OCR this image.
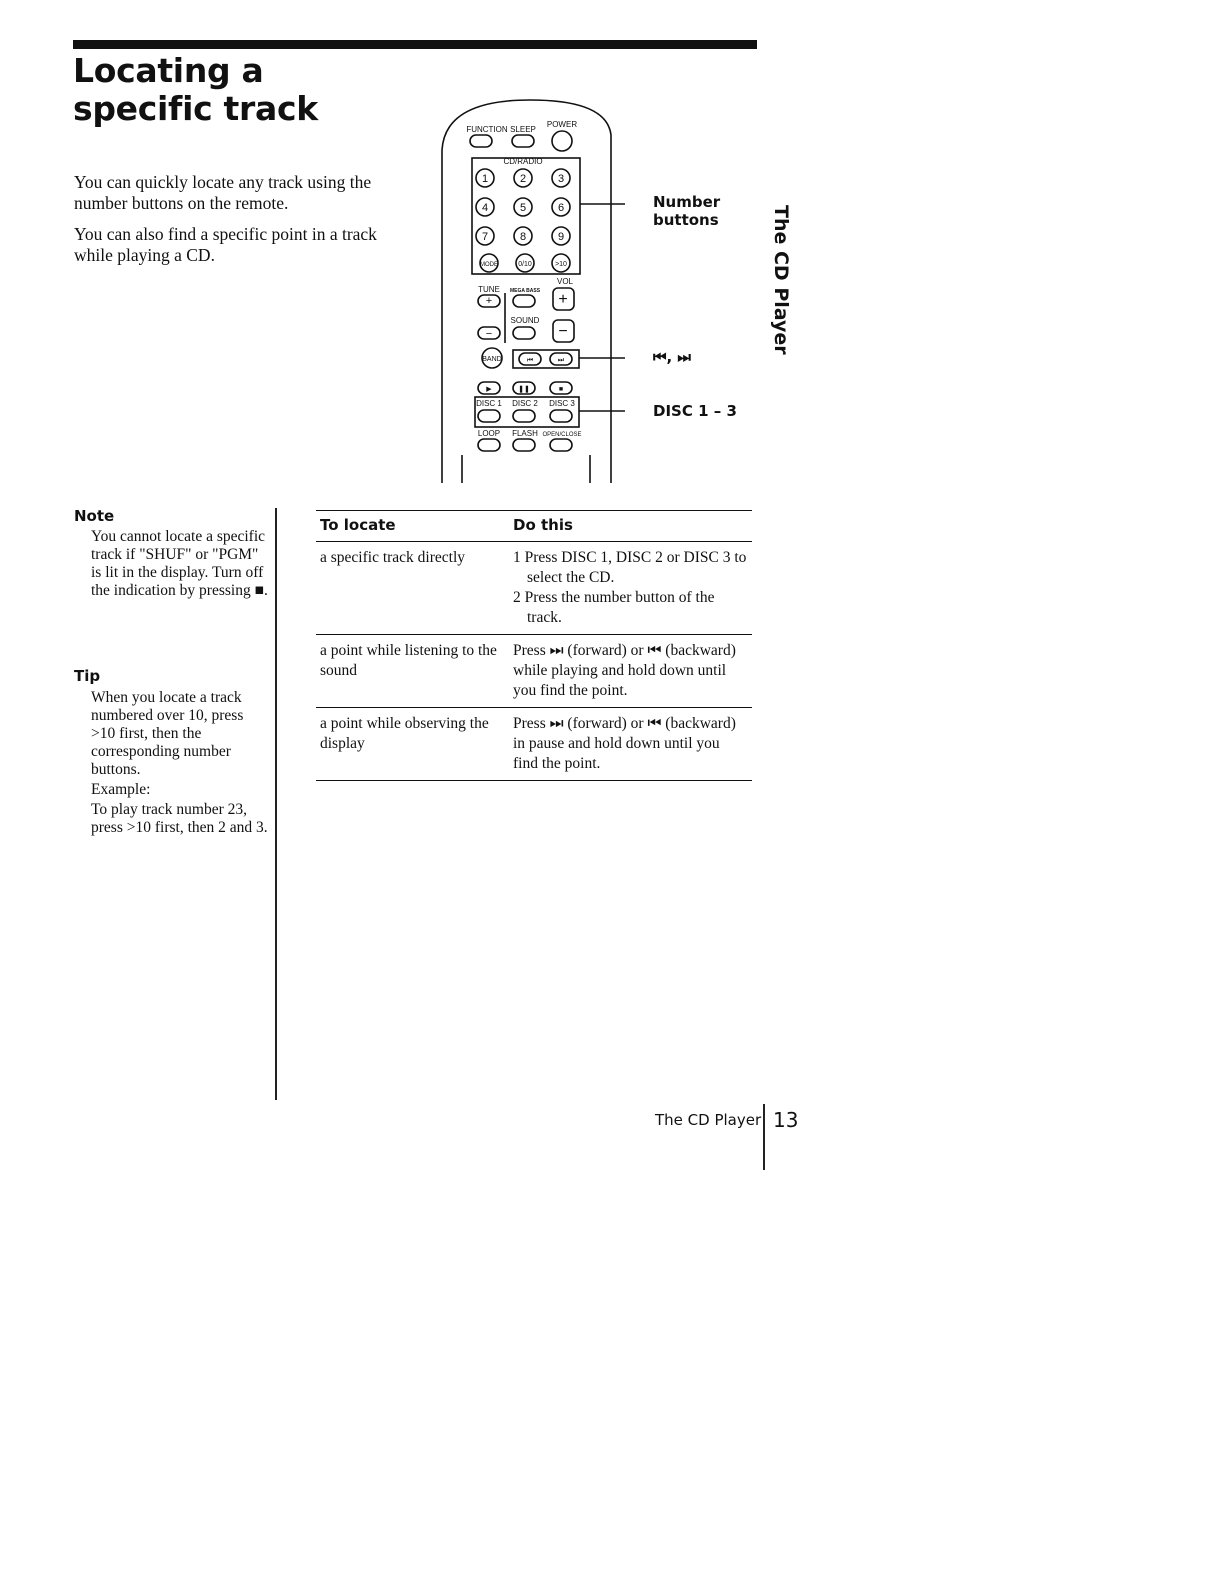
Locating a specific track

You can quickly locate any track using the number buttons on the remote.

You can also find a specific point in a track while playing a CD.

FUNCTION SLEEP
POWER
CD/RADIO
1	2	3
4	5	6
7	8	9
MODE	0/10	>10
TUNE MEGA BASS
VOL
SOUND
BAND
DISC 1 DISC 2 DISC 3
LOOP FLASH OPEN/CLOSE
+	+
−	−
⏮	⏭
▶	❚❚	■
Number buttons
⏮, ⏭
DISC 1 – 3
The CD Player
Note

You cannot locate a specific track if "SHUF" or "PGM" is lit in the display. Turn off the indication by pressing ■.

Tip

When you locate a track numbered over 10, press >10 first, then the corresponding number buttons.

Example:

To play track number 23, press >10 first, then 2 and 3.

To locate	Do this
a specific track directly	1 Press DISC 1, DISC 2 or DISC 3 to select the CD.
2 Press the number button of the track.

a point while listening to the sound	Press ⏭ (forward) or ⏮ (backward) while playing and hold down until you find the point.

a point while observing the display	Press ⏭ (forward) or ⏮ (backward) in pause and hold down until you find the point.
The CD Player 13
